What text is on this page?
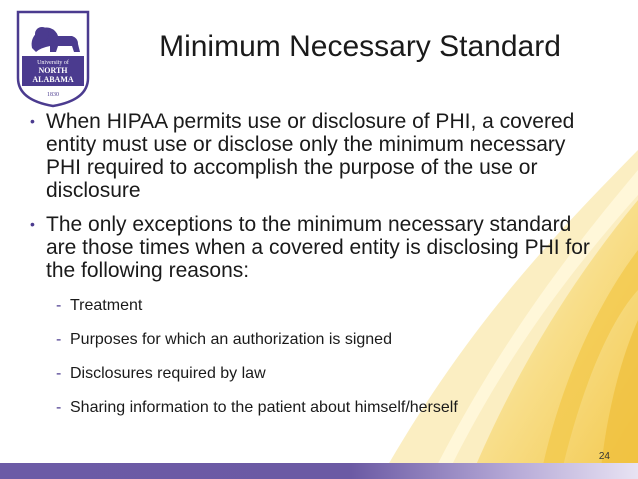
University of
NORTH
ALABAMA
1830
Minimum Necessary Standard
• When HIPAA permits use or disclosure of PHI, a covered entity must use or disclose only the minimum necessary PHI required to accomplish the purpose of the use or disclosure
• The only exceptions to the minimum necessary standard are those times when a covered entity is disclosing PHI for the following reasons:
- Treatment
- Purposes for which an authorization is signed
- Disclosures required by law
- Sharing information to the patient about himself/herself
24
